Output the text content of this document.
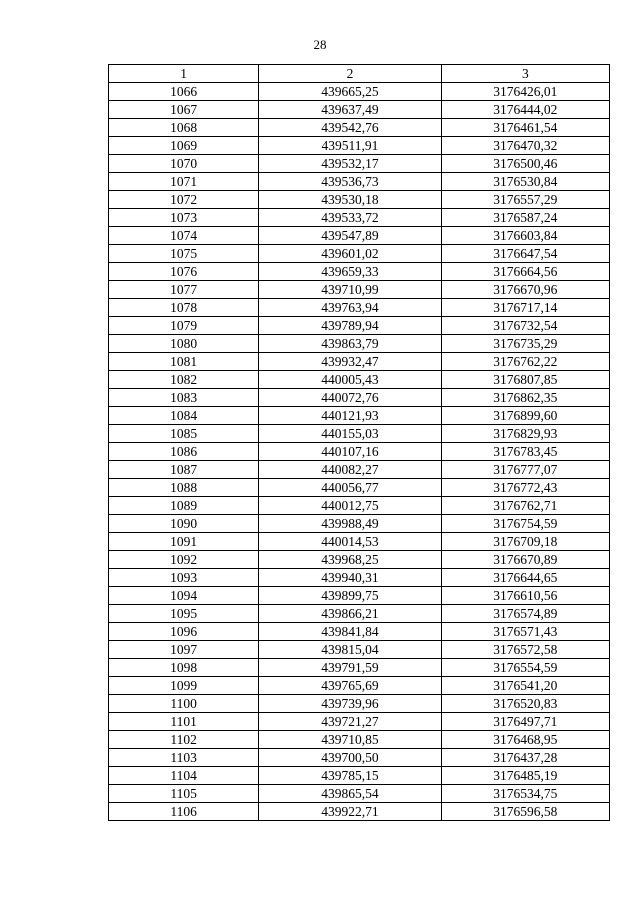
28
1	2	3
1066	439665,25	3176426,01
1067	439637,49	3176444,02
1068	439542,76	3176461,54
1069	439511,91	3176470,32
1070	439532,17	3176500,46
1071	439536,73	3176530,84
1072	439530,18	3176557,29
1073	439533,72	3176587,24
1074	439547,89	3176603,84
1075	439601,02	3176647,54
1076	439659,33	3176664,56
1077	439710,99	3176670,96
1078	439763,94	3176717,14
1079	439789,94	3176732,54
1080	439863,79	3176735,29
1081	439932,47	3176762,22
1082	440005,43	3176807,85
1083	440072,76	3176862,35
1084	440121,93	3176899,60
1085	440155,03	3176829,93
1086	440107,16	3176783,45
1087	440082,27	3176777,07
1088	440056,77	3176772,43
1089	440012,75	3176762,71
1090	439988,49	3176754,59
1091	440014,53	3176709,18
1092	439968,25	3176670,89
1093	439940,31	3176644,65
1094	439899,75	3176610,56
1095	439866,21	3176574,89
1096	439841,84	3176571,43
1097	439815,04	3176572,58
1098	439791,59	3176554,59
1099	439765,69	3176541,20
1100	439739,96	3176520,83
1101	439721,27	3176497,71
1102	439710,85	3176468,95
1103	439700,50	3176437,28
1104	439785,15	3176485,19
1105	439865,54	3176534,75
1106	439922,71	3176596,58
